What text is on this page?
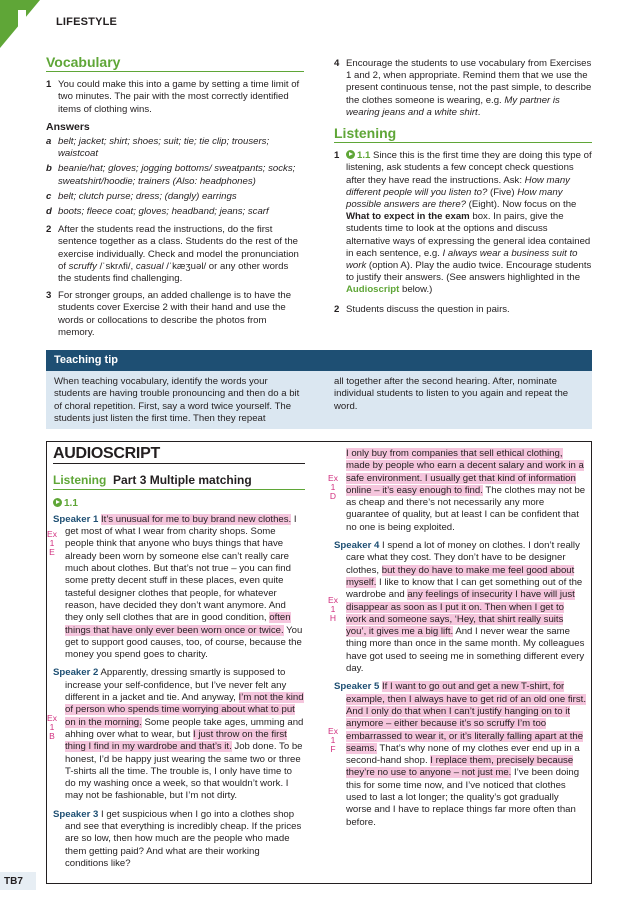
LIFESTYLE
Vocabulary
1 You could make this into a game by setting a time limit of two minutes. The pair with the most correctly identified items of clothing wins.
Answers
a belt; jacket; shirt; shoes; suit; tie; tie clip; trousers; waistcoat
b beanie/hat; gloves; jogging bottoms/ sweatpants; socks; sweatshirt/hoodie; trainers (Also: headphones)
c belt; clutch purse; dress; (dangly) earrings
d boots; fleece coat; gloves; headband; jeans; scarf
2 After the students read the instructions, do the first sentence together as a class. Students do the rest of the exercise individually. Check and model the pronunciation of scruffy /ˈskrʌfi/, casual /ˈkæʒuəl/ or any other words the students find challenging.
3 For stronger groups, an added challenge is to have the students cover Exercise 2 with their hand and use the words or collocations to describe the photos from memory.
4 Encourage the students to use vocabulary from Exercises 1 and 2, when appropriate. Remind them that we use the present continuous tense, not the past simple, to describe the clothes someone is wearing, e.g. My partner is wearing jeans and a white shirt.
Listening
1	1.1 Since this is the first time they are doing this type of listening, ask students a few concept check questions after they have read the instructions. Ask: How many different people will you listen to? (Five) How many possible answers are there? (Eight). Now focus on the What to expect in the exam box. In pairs, give the students time to look at the options and discuss alternative ways of expressing the general idea contained in each sentence, e.g. I always wear a business suit to work (option A). Play the audio twice. Encourage students to justify their answers. (See answers highlighted in the Audioscript below.)
2 Students discuss the question in pairs.
Teaching tip
When teaching vocabulary, identify the words your students are having trouble pronouncing and then do a bit of choral repetition. First, say a word twice yourself. The students just listen the first time. Then they repeat
all together after the second hearing. After, nominate individual students to listen to you again and repeat the word.
AUDIOSCRIPT
Listening Part 3 Multiple matching
1.1

Speaker 1 It’s unusual for me to buy brand new clothes. I get most of what I wear from charity shops. Some people think that anyone who buys things that have already been worn by someone else can’t really care much about clothes. But that’s not true – you can find some pretty decent stuff in these places, even quite tasteful designer clothes that people, for whatever reason, have decided they don’t want anymore. And they only sell clothes that are in good condition, often things that have only ever been worn once or twice. You get to support good causes, too, of course, because the money you spend goes to charity.

Speaker 2 Apparently, dressing smartly is supposed to increase your self-confidence, but I’ve never felt any different in a jacket and tie. And anyway, I’m not the kind of person who spends time worrying about what to put on in the morning. Some people take ages, umming and ahhing over what to wear, but I just throw on the first thing I find in my wardrobe and that’s it. Job done. To be honest, I’d be happy just wearing the same two or three T-shirts all the time. The trouble is, I only have time to do my washing once a week, so that wouldn’t work. I may not be fashionable, but I’m not dirty.

Speaker 3 I get suspicious when I go into a clothes shop and see that everything is incredibly cheap. If the prices are so low, then how much are the people who made them getting paid? And what are their working conditions like?

I only buy from companies that sell ethical clothing, made by people who earn a decent salary and work in a safe environment. I usually get that kind of information online – it’s easy enough to find. The clothes may not be as cheap and there’s not necessarily any more guarantee of quality, but at least I can be confident that no one is being exploited.

Speaker 4 I spend a lot of money on clothes. I don’t really care what they cost. They don’t have to be designer clothes, but they do have to make me feel good about myself. I like to know that I can get something out of the wardrobe and any feelings of insecurity I have will just disappear as soon as I put it on. Then when I get to work and someone says, ‘Hey, that shirt really suits you’, it gives me a big lift. And I never wear the same thing more than once in the same month. My colleagues have got used to seeing me in something different every day.

Speaker 5 If I want to go out and get a new T-shirt, for example, then I always have to get rid of an old one first. And I only do that when I can’t justify hanging on to it anymore – either because it’s so scruffy I’m too embarrassed to wear it, or it’s literally falling apart at the seams. That’s why none of my clothes ever end up in a second-hand shop. I replace them, precisely because they’re no use to anyone – not just me. I’ve been doing this for some time now, and I’ve noticed that clothes used to last a lot longer; the quality’s got gradually worse and I have to replace things far more often than before.

Ex 1
E
Ex 1
B
Ex 1
D
Ex 1
H
Ex 1
F
TB7
